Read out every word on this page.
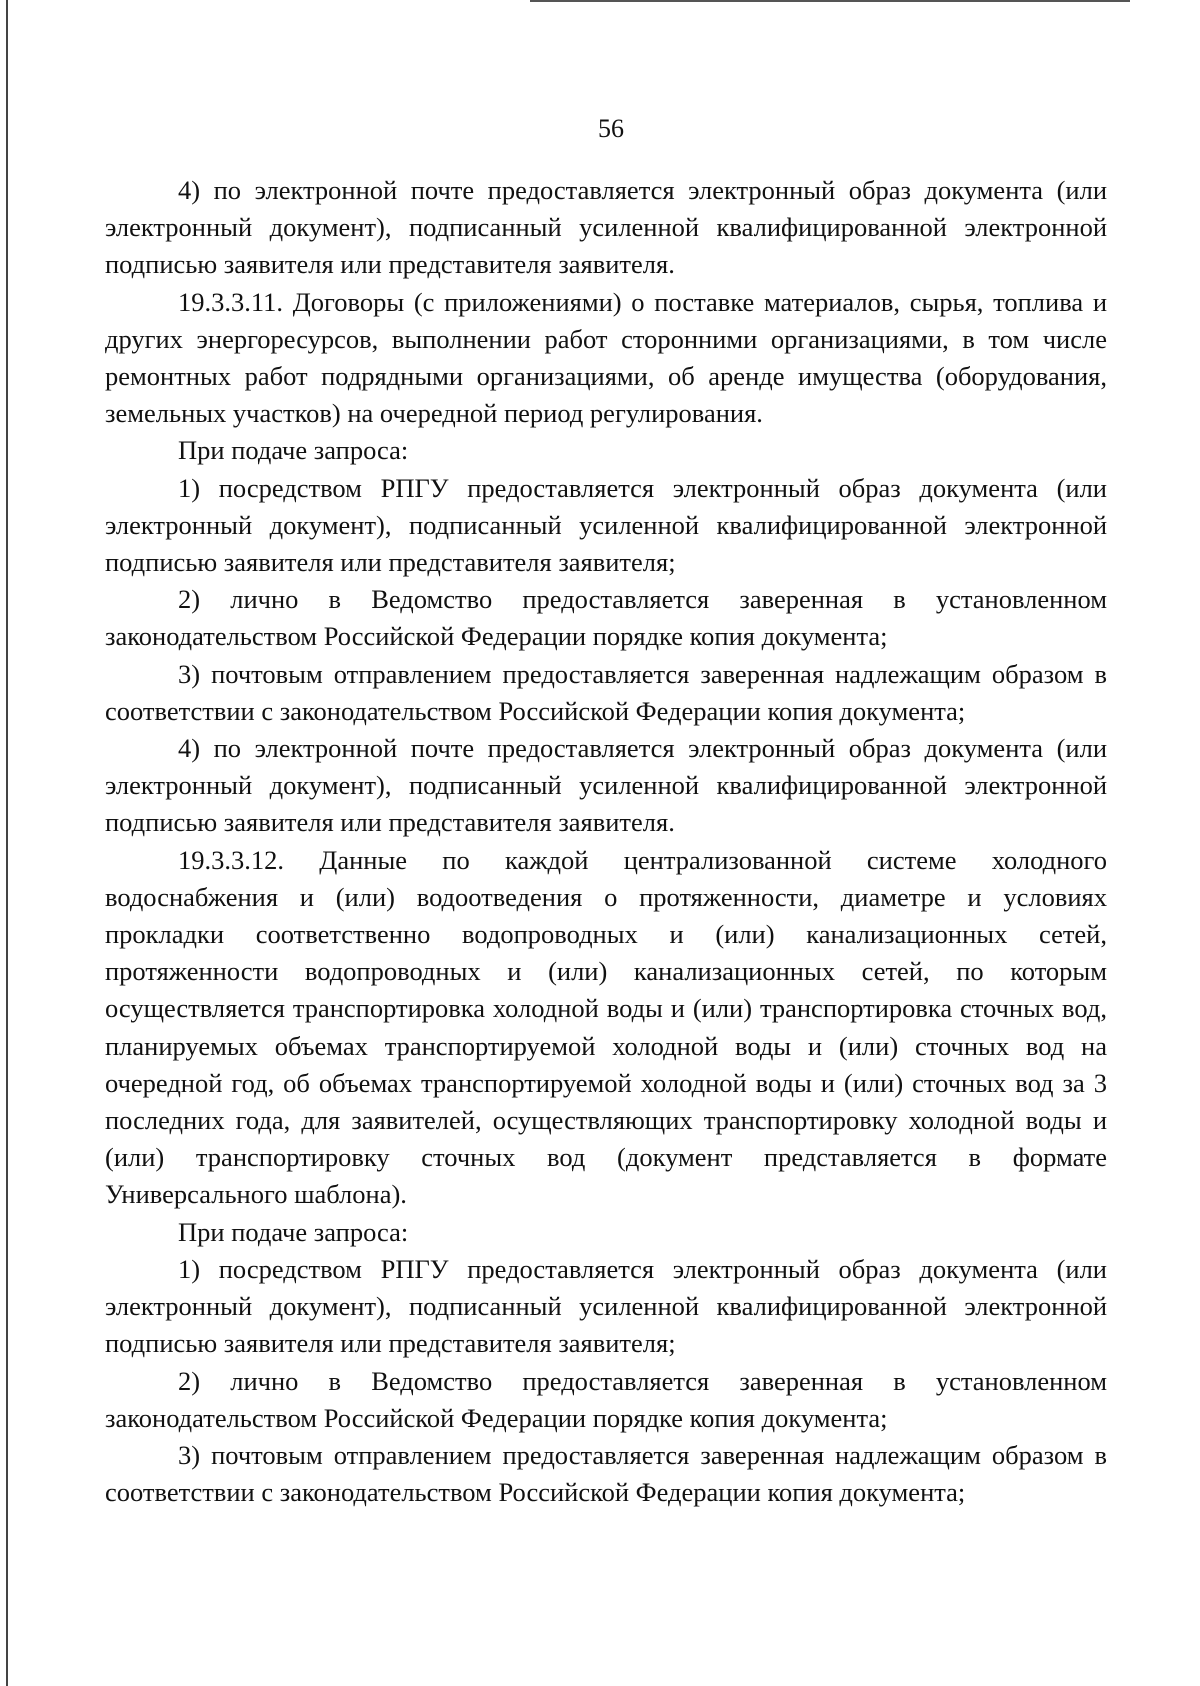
56

4) по электронной почте предоставляется электронный образ документа (или электронный документ), подписанный усиленной квалифицированной электронной подписью заявителя или представителя заявителя.

19.3.3.11. Договоры (с приложениями) о поставке материалов, сырья, топлива и других энергоресурсов, выполнении работ сторонними организациями, в том числе ремонтных работ подрядными организациями, об аренде имущества (оборудования, земельных участков) на очередной период регулирования.

При подаче запроса:

1) посредством РПГУ предоставляется электронный образ документа (или электронный документ), подписанный усиленной квалифицированной электронной подписью заявителя или представителя заявителя;

2) лично в Ведомство предоставляется заверенная в установленном законодательством Российской Федерации порядке копия документа;

3) почтовым отправлением предоставляется заверенная надлежащим образом в соответствии с законодательством Российской Федерации копия документа;

4) по электронной почте предоставляется электронный образ документа (или электронный документ), подписанный усиленной квалифицированной электронной подписью заявителя или представителя заявителя.

19.3.3.12. Данные по каждой централизованной системе холодного водоснабжения и (или) водоотведения о протяженности, диаметре и условиях прокладки соответственно водопроводных и (или) канализационных сетей, протяженности водопроводных и (или) канализационных сетей, по которым осуществляется транспортировка холодной воды и (или) транспортировка сточных вод, планируемых объемах транспортируемой холодной воды и (или) сточных вод на очередной год, об объемах транспортируемой холодной воды и (или) сточных вод за 3 последних года, для заявителей, осуществляющих транспортировку холодной воды и (или) транспортировку сточных вод (документ представляется в формате Универсального шаблона).

При подаче запроса:

1) посредством РПГУ предоставляется электронный образ документа (или электронный документ), подписанный усиленной квалифицированной электронной подписью заявителя или представителя заявителя;

2) лично в Ведомство предоставляется заверенная в установленном законодательством Российской Федерации порядке копия документа;

3) почтовым отправлением предоставляется заверенная надлежащим образом в соответствии с законодательством Российской Федерации копия документа;
